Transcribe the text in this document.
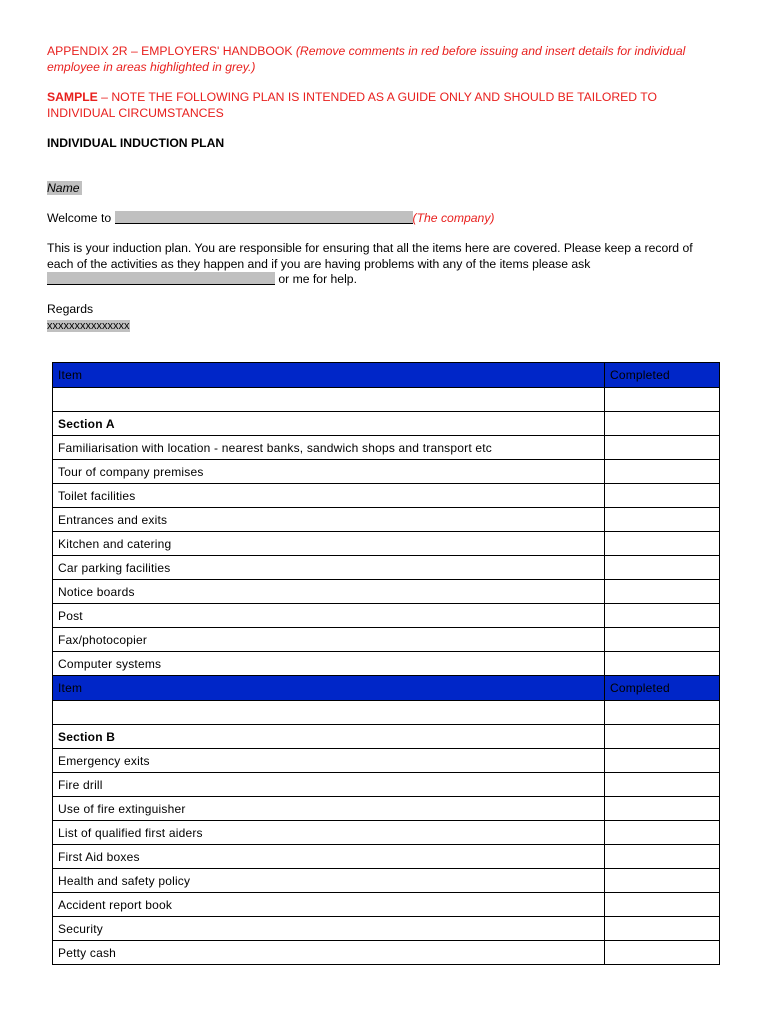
APPENDIX 2R – EMPLOYERS' HANDBOOK (Remove comments in red before issuing and insert details for individual employee in areas highlighted in grey.)
SAMPLE – NOTE THE FOLLOWING PLAN IS INTENDED AS A GUIDE ONLY AND SHOULD BE TAILORED TO INDIVIDUAL CIRCUMSTANCES
INDIVIDUAL INDUCTION PLAN
Name
Welcome to	(The company)
This is your induction plan. You are responsible for ensuring that all the items here are covered. Please keep a record of each of the activities as they happen and if you are having problems with any of the items please ask
or me for help.
Regards
xxxxxxxxxxxxxxx
Item	Completed

Section A	
Familiarisation with location - nearest banks, sandwich shops and transport etc	
Tour of company premises	
Toilet facilities	
Entrances and exits	
Kitchen and catering	
Car parking facilities	
Notice boards	
Post	
Fax/photocopier	
Computer systems	
Item	Completed

Section B	
Emergency exits	
Fire drill	
Use of fire extinguisher	
List of qualified first aiders	
First Aid boxes	
Health and safety policy	
Accident report book	
Security	
Petty cash	
